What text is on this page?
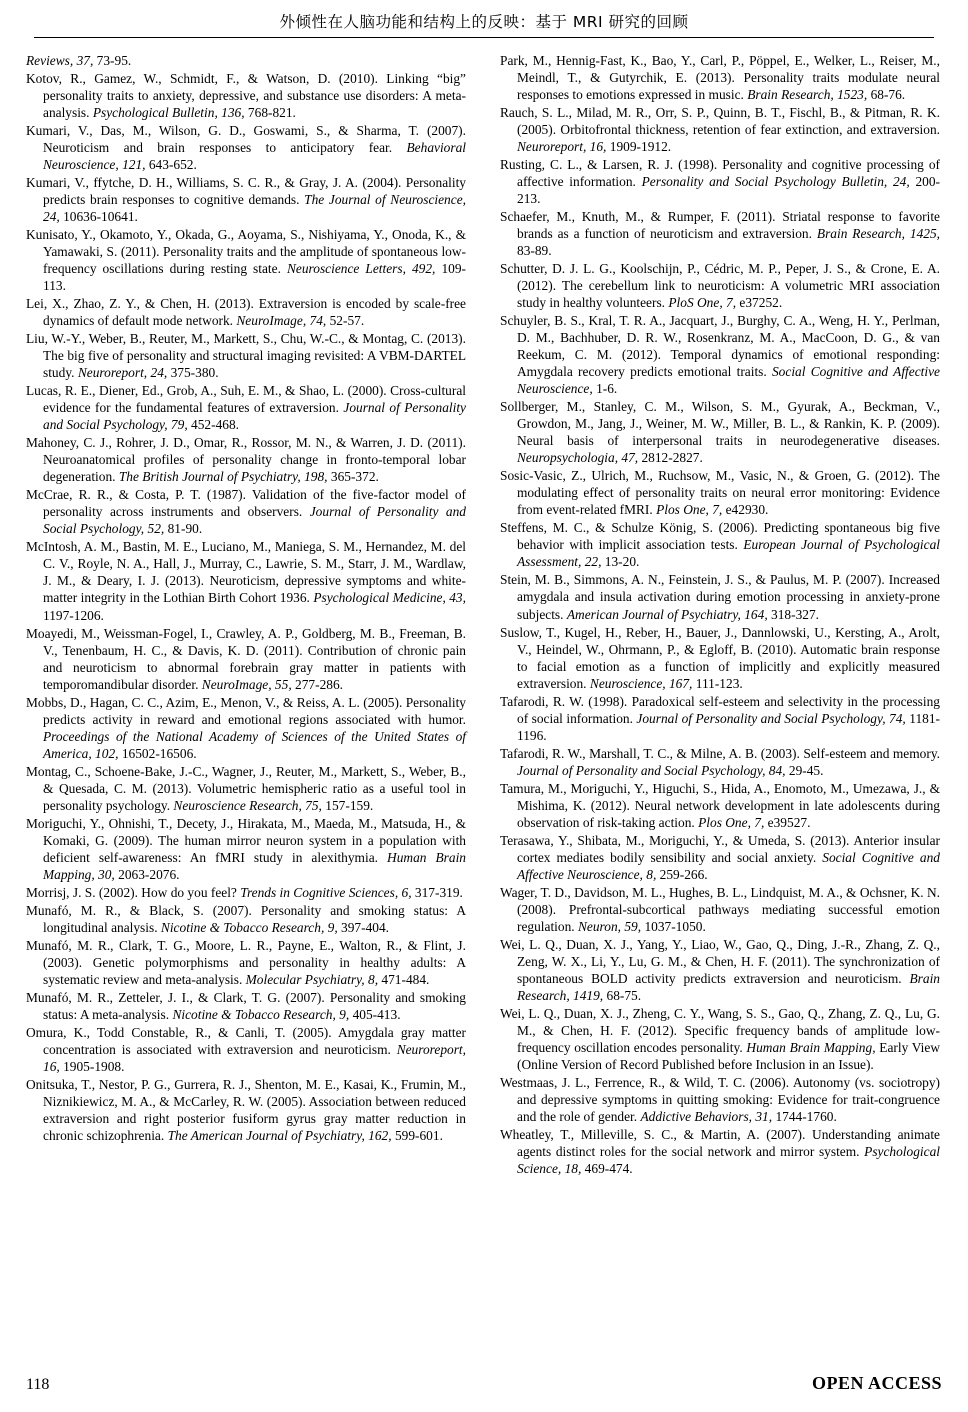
外倾性在人脑功能和结构上的反映：基于 MRI 研究的回顾
Reviews, 37, 73-95.
Kotov, R., Gamez, W., Schmidt, F., & Watson, D. (2010). Linking “big” personality traits to anxiety, depressive, and substance use disorders: A meta-analysis. Psychological Bulletin, 136, 768-821.
Kumari, V., Das, M., Wilson, G. D., Goswami, S., & Sharma, T. (2007). Neuroticism and brain responses to anticipatory fear. Behavioral Neuroscience, 121, 643-652.
Kumari, V., ffytche, D. H., Williams, S. C. R., & Gray, J. A. (2004). Personality predicts brain responses to cognitive demands. The Journal of Neuroscience, 24, 10636-10641.
Kunisato, Y., Okamoto, Y., Okada, G., Aoyama, S., Nishiyama, Y., Onoda, K., & Yamawaki, S. (2011). Personality traits and the amplitude of spontaneous low-frequency oscillations during resting state. Neuroscience Letters, 492, 109-113.
Lei, X., Zhao, Z. Y., & Chen, H. (2013). Extraversion is encoded by scale-free dynamics of default mode network. NeuroImage, 74, 52-57.
Liu, W.-Y., Weber, B., Reuter, M., Markett, S., Chu, W.-C., & Montag, C. (2013). The big five of personality and structural imaging revisited: A VBM-DARTEL study. Neuroreport, 24, 375-380.
Lucas, R. E., Diener, Ed., Grob, A., Suh, E. M., & Shao, L. (2000). Cross-cultural evidence for the fundamental features of extraversion. Journal of Personality and Social Psychology, 79, 452-468.
Mahoney, C. J., Rohrer, J. D., Omar, R., Rossor, M. N., & Warren, J. D. (2011). Neuroanatomical profiles of personality change in fronto-temporal lobar degeneration. The British Journal of Psychiatry, 198, 365-372.
McCrae, R. R., & Costa, P. T. (1987). Validation of the five-factor model of personality across instruments and observers. Journal of Personality and Social Psychology, 52, 81-90.
McIntosh, A. M., Bastin, M. E., Luciano, M., Maniega, S. M., Hernandez, M. del C. V., Royle, N. A., Hall, J., Murray, C., Lawrie, S. M., Starr, J. M., Wardlaw, J. M., & Deary, I. J. (2013). Neuroticism, depressive symptoms and white-matter integrity in the Lothian Birth Cohort 1936. Psychological Medicine, 43, 1197-1206.
Moayedi, M., Weissman-Fogel, I., Crawley, A. P., Goldberg, M. B., Freeman, B. V., Tenenbaum, H. C., & Davis, K. D. (2011). Contribution of chronic pain and neuroticism to abnormal forebrain gray matter in patients with temporomandibular disorder. NeuroImage, 55, 277-286.
Mobbs, D., Hagan, C. C., Azim, E., Menon, V., & Reiss, A. L. (2005). Personality predicts activity in reward and emotional regions associated with humor. Proceedings of the National Academy of Sciences of the United States of America, 102, 16502-16506.
Montag, C., Schoene-Bake, J.-C., Wagner, J., Reuter, M., Markett, S., Weber, B., & Quesada, C. M. (2013). Volumetric hemispheric ratio as a useful tool in personality psychology. Neuroscience Research, 75, 157-159.
Moriguchi, Y., Ohnishi, T., Decety, J., Hirakata, M., Maeda, M., Matsuda, H., & Komaki, G. (2009). The human mirror neuron system in a population with deficient self-awareness: An fMRI study in alexithymia. Human Brain Mapping, 30, 2063-2076.
Morrisj, J. S. (2002). How do you feel? Trends in Cognitive Sciences, 6, 317-319.
Munafó, M. R., & Black, S. (2007). Personality and smoking status: A longitudinal analysis. Nicotine & Tobacco Research, 9, 397-404.
Munafó, M. R., Clark, T. G., Moore, L. R., Payne, E., Walton, R., & Flint, J. (2003). Genetic polymorphisms and personality in healthy adults: A systematic review and meta-analysis. Molecular Psychiatry, 8, 471-484.
Munafó, M. R., Zetteler, J. I., & Clark, T. G. (2007). Personality and smoking status: A meta-analysis. Nicotine & Tobacco Research, 9, 405-413.
Omura, K., Todd Constable, R., & Canli, T. (2005). Amygdala gray matter concentration is associated with extraversion and neuroticism. Neuroreport, 16, 1905-1908.
Onitsuka, T., Nestor, P. G., Gurrera, R. J., Shenton, M. E., Kasai, K., Frumin, M., Niznikiewicz, M. A., & McCarley, R. W. (2005). Association between reduced extraversion and right posterior fusiform gyrus gray matter reduction in chronic schizophrenia. The American Journal of Psychiatry, 162, 599-601.
Park, M., Hennig-Fast, K., Bao, Y., Carl, P., Pöppel, E., Welker, L., Reiser, M., Meindl, T., & Gutyrchik, E. (2013). Personality traits modulate neural responses to emotions expressed in music. Brain Research, 1523, 68-76.
Rauch, S. L., Milad, M. R., Orr, S. P., Quinn, B. T., Fischl, B., & Pitman, R. K. (2005). Orbitofrontal thickness, retention of fear extinction, and extraversion. Neuroreport, 16, 1909-1912.
Rusting, C. L., & Larsen, R. J. (1998). Personality and cognitive processing of affective information. Personality and Social Psychology Bulletin, 24, 200-213.
Schaefer, M., Knuth, M., & Rumper, F. (2011). Striatal response to favorite brands as a function of neuroticism and extraversion. Brain Research, 1425, 83-89.
Schutter, D. J. L. G., Koolschijn, P., Cédric, M. P., Peper, J. S., & Crone, E. A. (2012). The cerebellum link to neuroticism: A volumetric MRI association study in healthy volunteers. PloS One, 7, e37252.
Schuyler, B. S., Kral, T. R. A., Jacquart, J., Burghy, C. A., Weng, H. Y., Perlman, D. M., Bachhuber, D. R. W., Rosenkranz, M. A., MacCoon, D. G., & van Reekum, C. M. (2012). Temporal dynamics of emotional responding: Amygdala recovery predicts emotional traits. Social Cognitive and Affective Neuroscience, 1-6.
Sollberger, M., Stanley, C. M., Wilson, S. M., Gyurak, A., Beckman, V., Growdon, M., Jang, J., Weiner, M. W., Miller, B. L., & Rankin, K. P. (2009). Neural basis of interpersonal traits in neurodegenerative diseases. Neuropsychologia, 47, 2812-2827.
Sosic-Vasic, Z., Ulrich, M., Ruchsow, M., Vasic, N., & Groen, G. (2012). The modulating effect of personality traits on neural error monitoring: Evidence from event-related fMRI. Plos One, 7, e42930.
Steffens, M. C., & Schulze König, S. (2006). Predicting spontaneous big five behavior with implicit association tests. European Journal of Psychological Assessment, 22, 13-20.
Stein, M. B., Simmons, A. N., Feinstein, J. S., & Paulus, M. P. (2007). Increased amygdala and insula activation during emotion processing in anxiety-prone subjects. American Journal of Psychiatry, 164, 318-327.
Suslow, T., Kugel, H., Reber, H., Bauer, J., Dannlowski, U., Kersting, A., Arolt, V., Heindel, W., Ohrmann, P., & Egloff, B. (2010). Automatic brain response to facial emotion as a function of implicitly and explicitly measured extraversion. Neuroscience, 167, 111-123.
Tafarodi, R. W. (1998). Paradoxical self-esteem and selectivity in the processing of social information. Journal of Personality and Social Psychology, 74, 1181-1196.
Tafarodi, R. W., Marshall, T. C., & Milne, A. B. (2003). Self-esteem and memory. Journal of Personality and Social Psychology, 84, 29-45.
Tamura, M., Moriguchi, Y., Higuchi, S., Hida, A., Enomoto, M., Umezawa, J., & Mishima, K. (2012). Neural network development in late adolescents during observation of risk-taking action. Plos One, 7, e39527.
Terasawa, Y., Shibata, M., Moriguchi, Y., & Umeda, S. (2013). Anterior insular cortex mediates bodily sensibility and social anxiety. Social Cognitive and Affective Neuroscience, 8, 259-266.
Wager, T. D., Davidson, M. L., Hughes, B. L., Lindquist, M. A., & Ochsner, K. N. (2008). Prefrontal-subcortical pathways mediating successful emotion regulation. Neuron, 59, 1037-1050.
Wei, L. Q., Duan, X. J., Yang, Y., Liao, W., Gao, Q., Ding, J.-R., Zhang, Z. Q., Zeng, W. X., Li, Y., Lu, G. M., & Chen, H. F. (2011). The synchronization of spontaneous BOLD activity predicts extraversion and neuroticism. Brain Research, 1419, 68-75.
Wei, L. Q., Duan, X. J., Zheng, C. Y., Wang, S. S., Gao, Q., Zhang, Z. Q., Lu, G. M., & Chen, H. F. (2012). Specific frequency bands of amplitude low-frequency oscillation encodes personality. Human Brain Mapping, Early View (Online Version of Record Published before Inclusion in an Issue).
Westmaas, J. L., Ferrence, R., & Wild, T. C. (2006). Autonomy (vs. sociotropy) and depressive symptoms in quitting smoking: Evidence for trait-congruence and the role of gender. Addictive Behaviors, 31, 1744-1760.
Wheatley, T., Milleville, S. C., & Martin, A. (2007). Understanding animate agents distinct roles for the social network and mirror system. Psychological Science, 18, 469-474.
118	OPEN ACCESS
